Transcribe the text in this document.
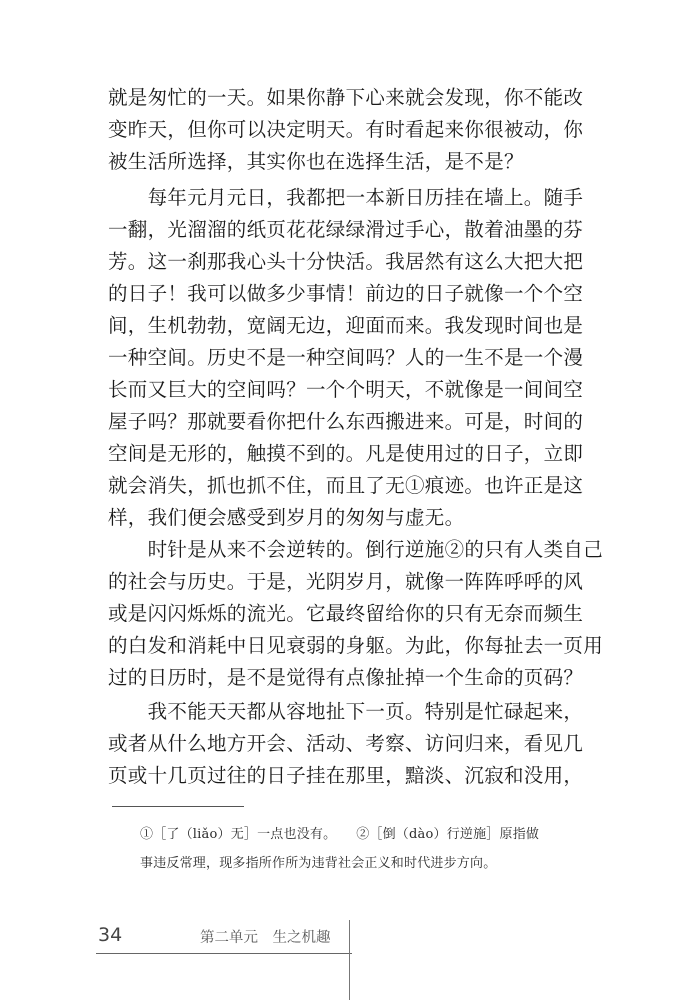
就是匆忙的一天。如果你静下心来就会发现，你不能改
变昨天，但你可以决定明天。有时看起来你很被动，你
被生活所选择，其实你也在选择生活，是不是？
　　每年元月元日，我都把一本新日历挂在墙上。随手
一翻，光溜溜的纸页花花绿绿滑过手心，散着油墨的芬
芳。这一刹那我心头十分快活。我居然有这么大把大把
的日子！我可以做多少事情！前边的日子就像一个个空
间，生机勃勃，宽阔无边，迎面而来。我发现时间也是
一种空间。历史不是一种空间吗？人的一生不是一个漫
长而又巨大的空间吗？一个个明天，不就像是一间间空
屋子吗？那就要看你把什么东西搬进来。可是，时间的
空间是无形的，触摸不到的。凡是使用过的日子，立即
就会消失，抓也抓不住，而且了无①痕迹。也许正是这
样，我们便会感受到岁月的匆匆与虚无。
　　时针是从来不会逆转的。倒行逆施②的只有人类自己
的社会与历史。于是，光阴岁月，就像一阵阵呼呼的风
或是闪闪烁烁的流光。它最终留给你的只有无奈而频生
的白发和消耗中日见衰弱的身躯。为此，你每扯去一页用
过的日历时，是不是觉得有点像扯掉一个生命的页码？
　　我不能天天都从容地扯下一页。特别是忙碌起来，
或者从什么地方开会、活动、考察、访问归来，看见几
页或十几页过往的日子挂在那里，黯淡、沉寂和没用，
①［了（liǎo）无］一点也没有。　　②［倒（dào）行逆施］原指做
事违反常理，现多指所作所为违背社会正义和时代进步方向。
34	第二单元　生之机趣
